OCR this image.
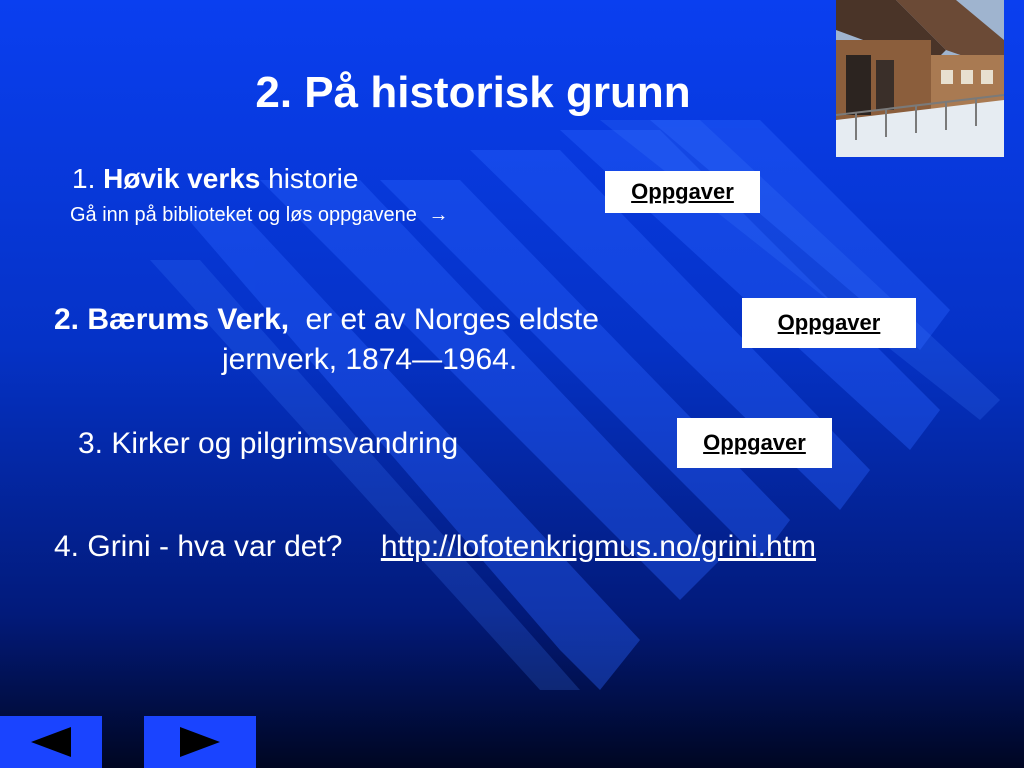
2. På historisk grunn
1. Høvik verks historie
Gå inn på biblioteket og løs oppgavene →
Oppgaver
2. Bærums Verk, er et av Norges eldste
jernverk, 1874—1964.
Oppgaver
3. Kirker og pilgrimsvandring	Oppgaver
4. Grini - hva var det? http://lofotenkrigmus.no/grini.htm
